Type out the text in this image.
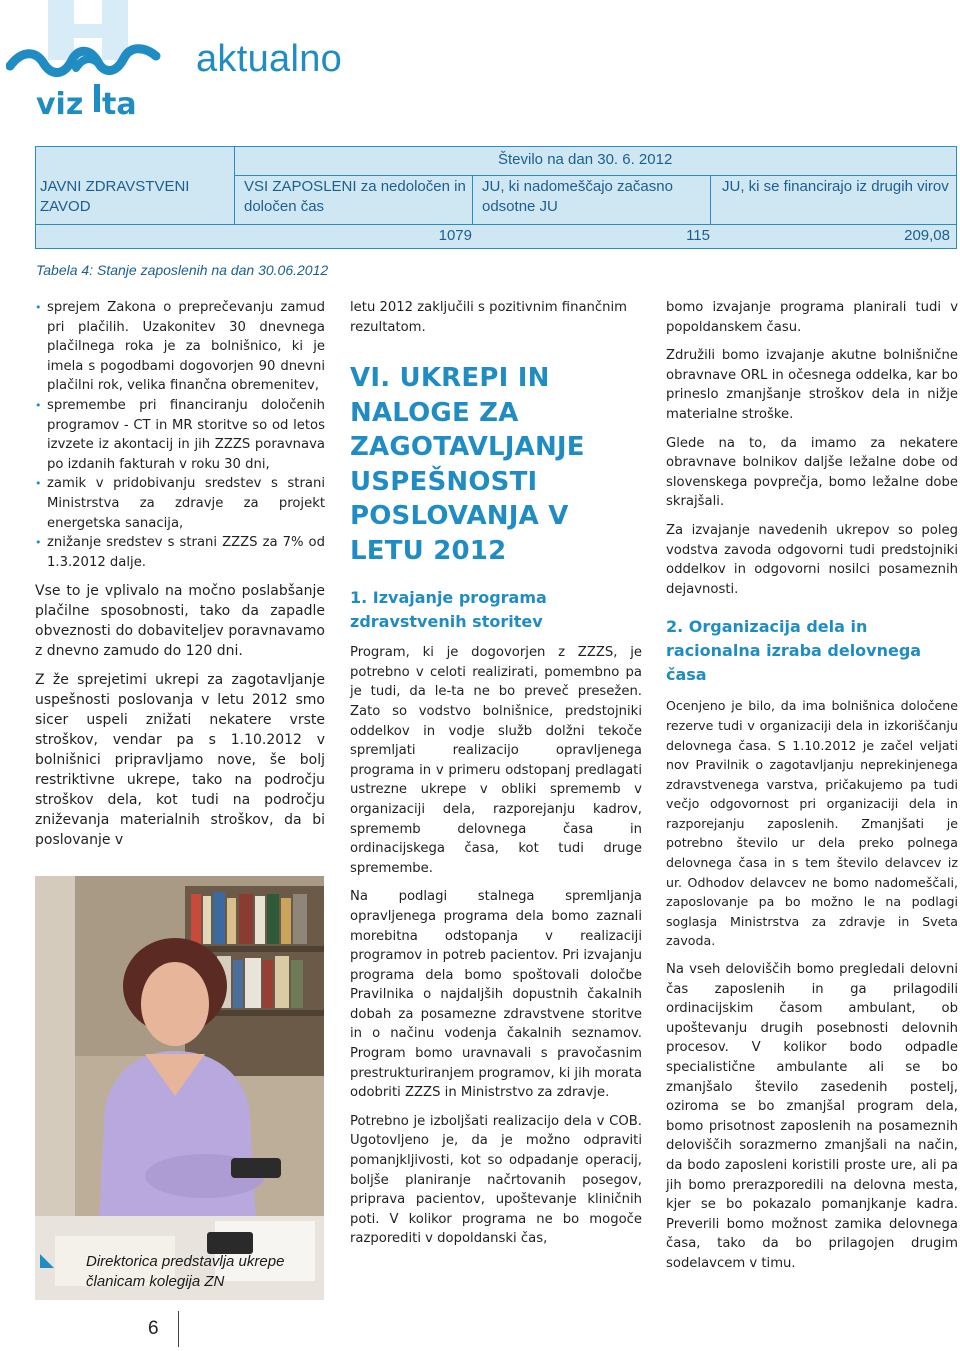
viz ta
aktualno
Število na dan 30. 6. 2012
JAVNI ZDRAVSTVENI ZAVOD
VSI ZAPOSLENI za nedoločen in določen čas
JU, ki nadomeščajo začasno odsotne JU
JU, ki se financirajo iz drugih virov
1079	115	209,08
Tabela 4: Stanje zaposlenih na dan 30.06.2012
• sprejem Zakona o preprečevanju zamud pri plačilih. Uzakonitev 30 dnevnega plačilnega roka je za bolnišnico, ki je imela s pogodbami dogovorjen 90 dnevni plačilni rok, velika finančna obremenitev,
• spremembe pri financiranju določenih programov - CT in MR storitve so od letos izvzete iz akontacij in jih ZZZS poravnava po izdanih fakturah v roku 30 dni,
• zamik v pridobivanju sredstev s strani Ministrstva za zdravje za projekt energetska sanacija,
• znižanje sredstev s strani ZZZS za 7% od 1.3.2012 dalje.

Vse to je vplivalo na močno poslabšanje plačilne sposobnosti, tako da zapadle obveznosti do dobaviteljev poravnavamo z dnevno zamudo do 120 dni.

Z že sprejetimi ukrepi za zagotavljanje uspešnosti poslovanja v letu 2012 smo sicer uspeli znižati nekatere vrste stroškov, vendar pa s 1.10.2012 v bolnišnici pripravljamo nove, še bolj restriktivne ukrepe, tako na področju stroškov dela, kot tudi na področju zniževanja materialnih stroškov, da bi poslovanje v

Direktorica predstavlja ukrepe članicam kolegija ZN

letu 2012 zaključili s pozitivnim finančnim rezultatom.

VI. UKREPI IN NALOGE ZA ZAGOTAVLJANJE USPEŠNOSTI POSLOVANJA V LETU 2012
1. Izvajanje programa zdravstvenih storitev

Program, ki je dogovorjen z ZZZS, je potrebno v celoti realizirati, pomembno pa je tudi, da le-ta ne bo preveč presežen. Zato so vodstvo bolnišnice, predstojniki oddelkov in vodje služb dolžni tekoče spremljati realizacijo opravljenega programa in v primeru odstopanj predlagati ustrezne ukrepe v obliki sprememb v organizaciji dela, razporejanju kadrov, sprememb delovnega časa in ordinacijskega časa, kot tudi druge spremembe.

Na podlagi stalnega spremljanja opravljenega programa dela bomo zaznali morebitna odstopanja v realizaciji programov in potreb pacientov. Pri izvajanju programa dela bomo spoštovali določbe Pravilnika o najdaljših dopustnih čakalnih dobah za posamezne zdravstvene storitve in o načinu vodenja čakalnih seznamov. Program bomo uravnavali s pravočasnim prestrukturiranjem programov, ki jih morata odobriti ZZZS in Ministrstvo za zdravje.

Potrebno je izboljšati realizacijo dela v COB. Ugotovljeno je, da je možno odpraviti pomanjkljivosti, kot so odpadanje operacij, boljše planiranje načrtovanih posegov, priprava pacientov, upoštevanje kliničnih poti. V kolikor programa ne bo mogoče razporediti v dopoldanski čas,

bomo izvajanje programa planirali tudi v popoldanskem času.

Združili bomo izvajanje akutne bolnišnične obravnave ORL in očesnega oddelka, kar bo prineslo zmanjšanje stroškov dela in nižje materialne stroške.

Glede na to, da imamo za nekatere obravnave bolnikov daljše ležalne dobe od slovenskega povprečja, bomo ležalne dobe skrajšali.

Za izvajanje navedenih ukrepov so poleg vodstva zavoda odgovorni tudi predstojniki oddelkov in odgovorni nosilci posameznih dejavnosti.

2. Organizacija dela in racionalna izraba delovnega časa

Ocenjeno je bilo, da ima bolnišnica določene rezerve tudi v organizaciji dela in izkoriščanju delovnega časa. S 1.10.2012 je začel veljati nov Pravilnik o zagotavljanju neprekinjenega zdravstvenega varstva, pričakujemo pa tudi večjo odgovornost pri organizaciji dela in razporejanju zaposlenih. Zmanjšati je potrebno število ur dela preko polnega delovnega časa in s tem število delavcev iz ur. Odhodov delavcev ne bomo nadomeščali, zaposlovanje pa bo možno le na podlagi soglasja Ministrstva za zdravje in Sveta zavoda.

Na vseh deloviščih bomo pregledali delovni čas zaposlenih in ga prilagodili ordinacijskim časom ambulant, ob upoštevanju drugih posebnosti delovnih procesov. V kolikor bodo odpadle specialistične ambulante ali se bo zmanjšalo število zasedenih postelj, oziroma se bo zmanjšal program dela, bomo prisotnost zaposlenih na posameznih deloviščih sorazmerno zmanjšali na način, da bodo zaposleni koristili proste ure, ali pa jih bomo prerazporedili na delovna mesta, kjer se bo pokazalo pomanjkanje kadra. Preverili bomo možnost zamika delovnega časa, tako da bo prilagojen drugim sodelavcem v timu.

6
